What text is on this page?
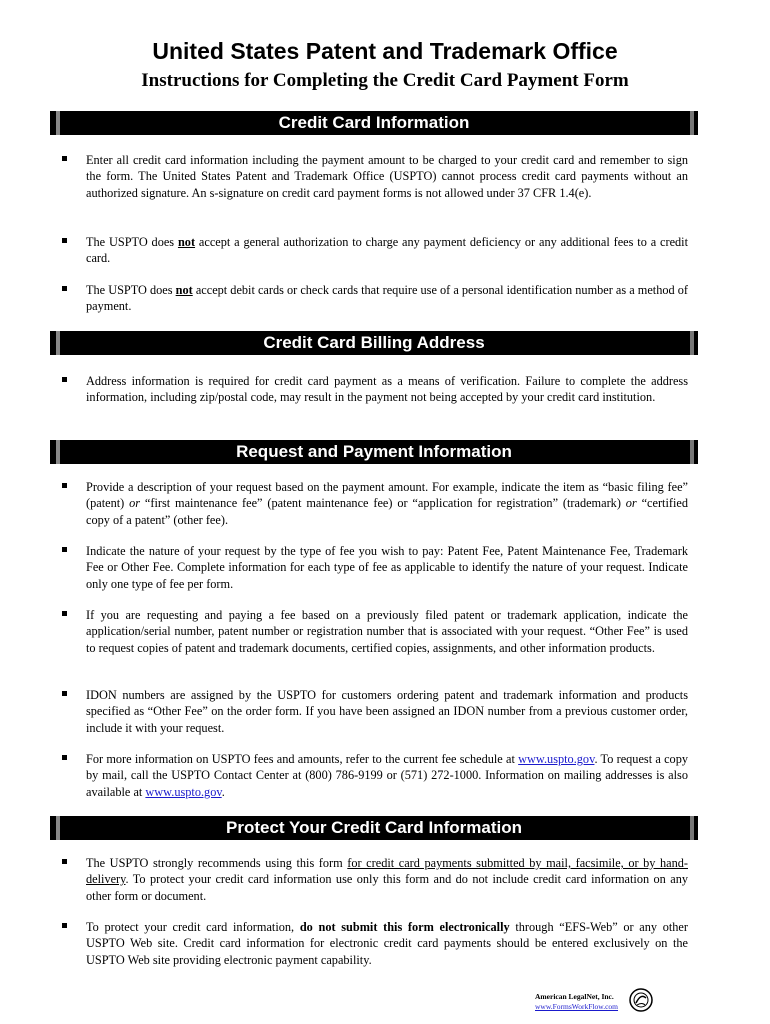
United States Patent and Trademark Office
Instructions for Completing the Credit Card Payment Form
Credit Card Information
Enter all credit card information including the payment amount to be charged to your credit card and remember to sign the form. The United States Patent and Trademark Office (USPTO) cannot process credit card payments without an authorized signature. An s-signature on credit card payment forms is not allowed under 37 CFR 1.4(e).
The USPTO does not accept a general authorization to charge any payment deficiency or any additional fees to a credit card.
The USPTO does not accept debit cards or check cards that require use of a personal identification number as a method of payment.
Credit Card Billing Address
Address information is required for credit card payment as a means of verification. Failure to complete the address information, including zip/postal code, may result in the payment not being accepted by your credit card institution.
Request and Payment Information
Provide a description of your request based on the payment amount. For example, indicate the item as “basic filing fee” (patent) or “first maintenance fee” (patent maintenance fee) or “application for registration” (trademark) or “certified copy of a patent” (other fee).
Indicate the nature of your request by the type of fee you wish to pay: Patent Fee, Patent Maintenance Fee, Trademark Fee or Other Fee. Complete information for each type of fee as applicable to identify the nature of your request. Indicate only one type of fee per form.
If you are requesting and paying a fee based on a previously filed patent or trademark application, indicate the application/serial number, patent number or registration number that is associated with your request. “Other Fee” is used to request copies of patent and trademark documents, certified copies, assignments, and other information products.
IDON numbers are assigned by the USPTO for customers ordering patent and trademark information and products specified as “Other Fee” on the order form. If you have been assigned an IDON number from a previous customer order, include it with your request.
For more information on USPTO fees and amounts, refer to the current fee schedule at www.uspto.gov. To request a copy by mail, call the USPTO Contact Center at (800) 786-9199 or (571) 272-1000. Information on mailing addresses is also available at www.uspto.gov.
Protect Your Credit Card Information
The USPTO strongly recommends using this form for credit card payments submitted by mail, facsimile, or by hand-delivery. To protect your credit card information use only this form and do not include credit card information on any other form or document.
To protect your credit card information, do not submit this form electronically through “EFS-Web” or any other USPTO Web site. Credit card information for electronic credit card payments should be entered exclusively on the USPTO Web site providing electronic payment capability.
American LegalNet, Inc.
www.FormsWorkFlow.com
